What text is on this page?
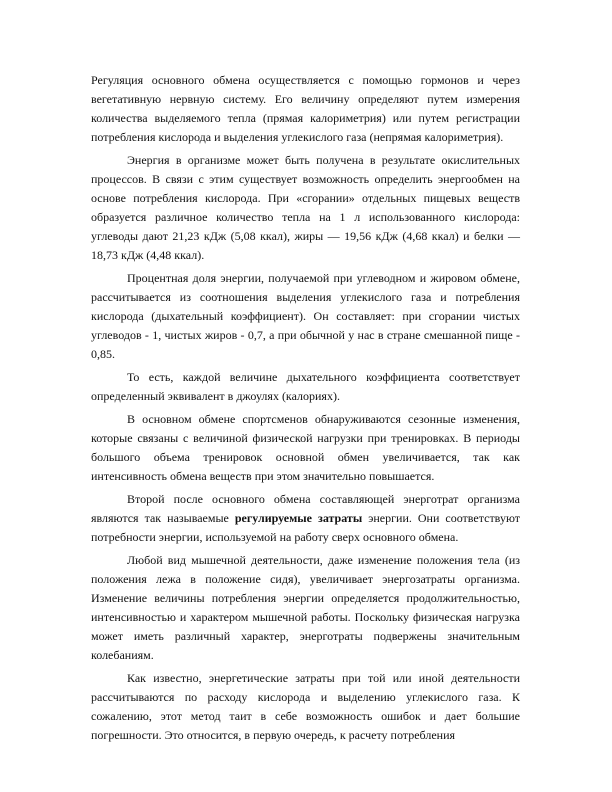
Регуляция основного обмена осуществляется с помощью гормонов и через вегетативную нервную систему. Его величину определяют путем измерения количества выделяемого тепла (прямая калориметрия) или путем регистрации потребления кислорода и выделения углекислого газа (непрямая калориметрия).

Энергия в организме может быть получена в результате окислительных процессов. В связи с этим существует возможность определить энергообмен на основе потребления кислорода. При «сгорании» отдельных пищевых веществ образуется различное количество тепла на 1 л использованного кислорода: углеводы дают 21,23 кДж (5,08 ккал), жиры — 19,56 кДж (4,68 ккал) и белки — 18,73 кДж (4,48 ккал).

Процентная доля энергии, получаемой при углеводном и жировом обмене, рассчитывается из соотношения выделения углекислого газа и потребления кислорода (дыхательный коэффициент). Он составляет: при сгорании чистых углеводов - 1, чистых жиров - 0,7, а при обычной у нас в стране смешанной пище - 0,85.

То есть, каждой величине дыхательного коэффициента соответствует определенный эквивалент в джоулях (калориях).

В основном обмене спортсменов обнаруживаются сезонные изменения, которые связаны с величиной физической нагрузки при тренировках. В периоды большого объема тренировок основной обмен увеличивается, так как интенсивность обмена веществ при этом значительно повышается.

Второй после основного обмена составляющей энерготрат организма являются так называемые регулируемые затраты энергии. Они соответствуют потребности энергии, используемой на работу сверх основного обмена.

Любой вид мышечной деятельности, даже изменение положения тела (из положения лежа в положение сидя), увеличивает энергозатраты организма. Изменение величины потребления энергии определяется продолжительностью, интенсивностью и характером мышечной работы. Поскольку физическая нагрузка может иметь различный характер, энерготраты подвержены значительным колебаниям.

Как известно, энергетические затраты при той или иной деятельности рассчитываются по расходу кислорода и выделению углекислого газа. К сожалению, этот метод таит в себе возможность ошибок и дает большие погрешности. Это относится, в первую очередь, к расчету потребления
